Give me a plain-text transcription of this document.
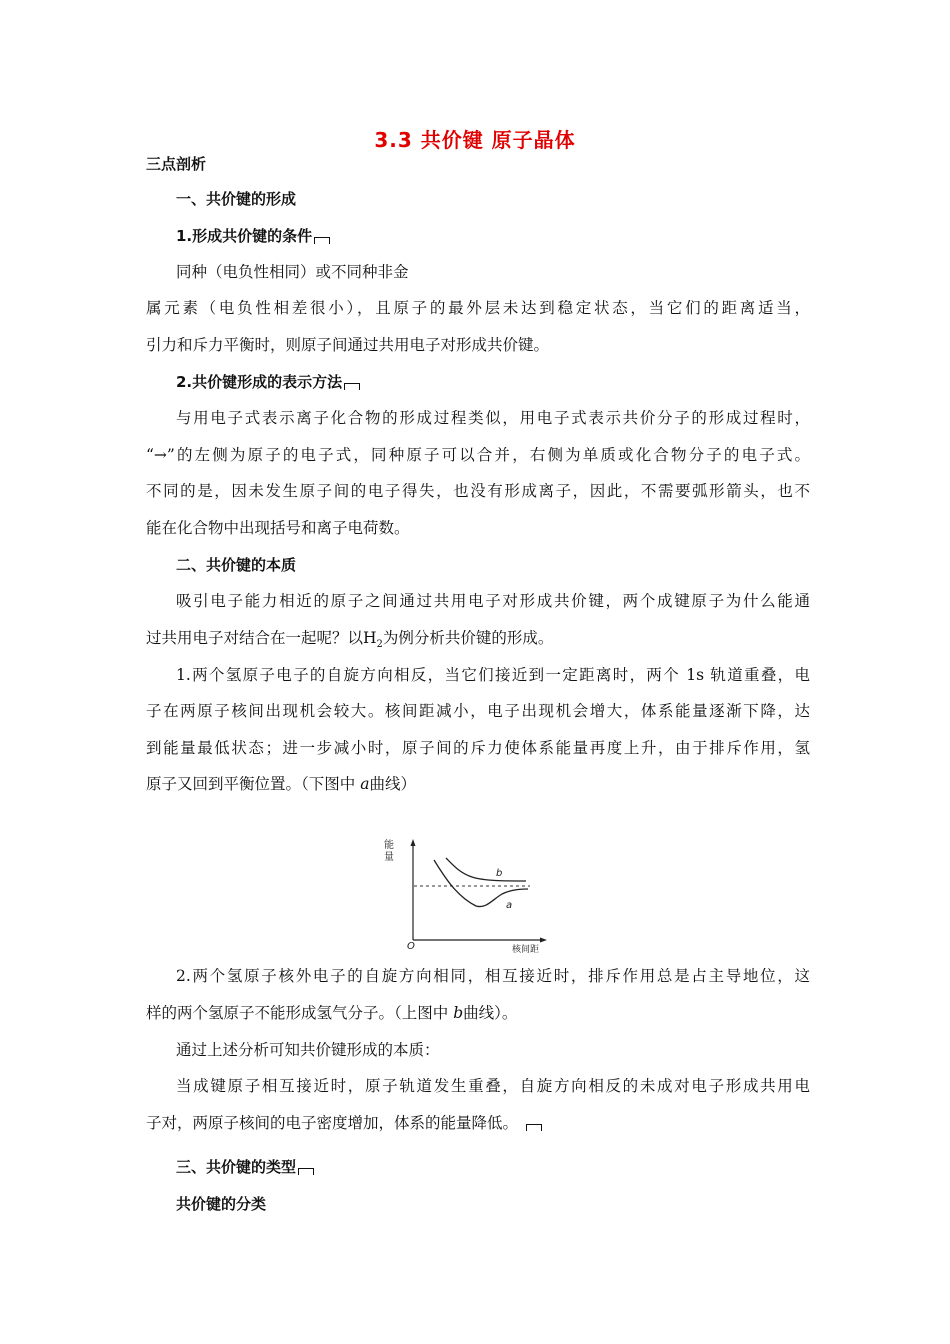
3.3 共价键 原子晶体
三点剖析
一、共价键的形成
1.形成共价键的条件
同种（电负性相同）或不同种非金
属元素（电负性相差很小），且原子的最外层未达到稳定状态，当它们的距离适当，
引力和斥力平衡时，则原子间通过共用电子对形成共价键。
2.共价键形成的表示方法
与用电子式表示离子化合物的形成过程类似，用电子式表示共价分子的形成过程时，
“→”的左侧为原子的电子式，同种原子可以合并，右侧为单质或化合物分子的电子式。
不同的是，因未发生原子间的电子得失，也没有形成离子，因此，不需要弧形箭头，也不
能在化合物中出现括号和离子电荷数。
二、共价键的本质
吸引电子能力相近的原子之间通过共用电子对形成共价键，两个成键原子为什么能通
过共用电子对结合在一起呢？以$H_2$为例分析共价键的形成。
1.两个氢原子电子的自旋方向相反，当它们接近到一定距离时，两个 1s 轨道重叠，电
子在两原子核间出现机会较大。核间距减小，电子出现机会增大，体系能量逐渐下降，达
到能量最低状态；进一步减小时，原子间的斥力使体系能量再度上升，由于排斥作用，氢
原子又回到平衡位置。（下图中 a曲线）
能
量
b
a
O	核间距
2.两个氢原子核外电子的自旋方向相同，相互接近时，排斥作用总是占主导地位，这
样的两个氢原子不能形成氢气分子。（上图中 b曲线）。
通过上述分析可知共价键形成的本质：
当成键原子相互接近时，原子轨道发生重叠，自旋方向相反的未成对电子形成共用电
子对，两原子核间的电子密度增加，体系的能量降低。
三、共价键的类型
共价键的分类
